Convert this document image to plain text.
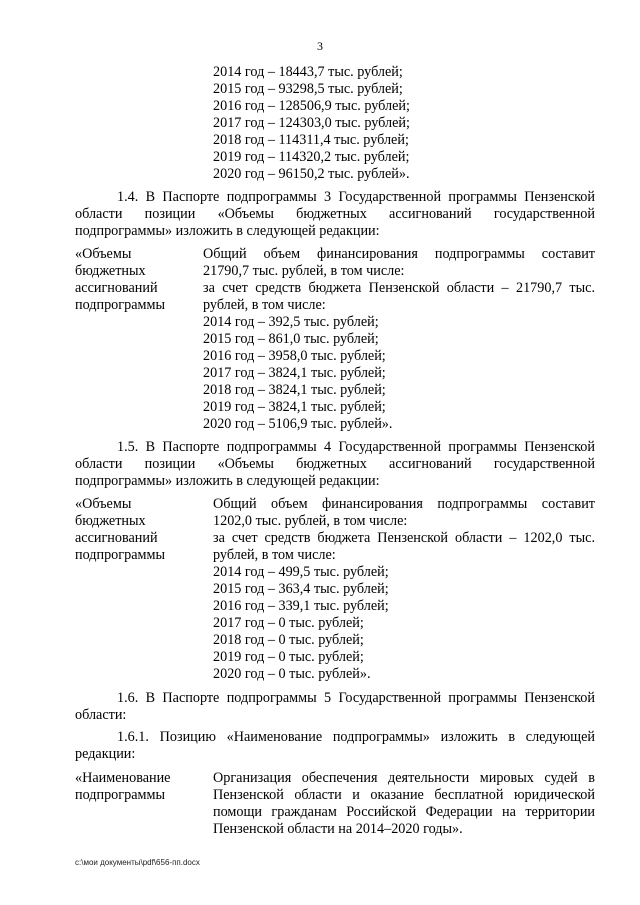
3
2014 год – 18443,7 тыс. рублей;
2015 год – 93298,5 тыс. рублей;
2016 год – 128506,9 тыс. рублей;
2017 год – 124303,0 тыс. рублей;
2018 год – 114311,4 тыс. рублей;
2019 год – 114320,2 тыс. рублей;
2020 год – 96150,2 тыс. рублей».
1.4. В Паспорте подпрограммы 3 Государственной программы Пензенской
области позиции «Объемы бюджетных ассигнований государственной
подпрограммы» изложить в следующей редакции:
«Объемы
бюджетных
ассигнований
подпрограммы
Общий объем финансирования подпрограммы составит
21790,7 тыс. рублей, в том числе:
за счет средств бюджета Пензенской области – 21790,7 тыс.
рублей, в том числе:
2014 год – 392,5 тыс. рублей;
2015 год – 861,0 тыс. рублей;
2016 год – 3958,0 тыс. рублей;
2017 год – 3824,1 тыс. рублей;
2018 год – 3824,1 тыс. рублей;
2019 год – 3824,1 тыс. рублей;
2020 год – 5106,9 тыс. рублей».
1.5. В Паспорте подпрограммы 4 Государственной программы Пензенской
области позиции «Объемы бюджетных ассигнований государственной
подпрограммы» изложить в следующей редакции:
«Объемы
бюджетных
ассигнований
подпрограммы
Общий объем финансирования подпрограммы составит
1202,0 тыс. рублей, в том числе:
за счет средств бюджета Пензенской области – 1202,0 тыс.
рублей, в том числе:
2014 год – 499,5 тыс. рублей;
2015 год – 363,4 тыс. рублей;
2016 год – 339,1 тыс. рублей;
2017 год – 0 тыс. рублей;
2018 год – 0 тыс. рублей;
2019 год – 0 тыс. рублей;
2020 год – 0 тыс. рублей».
1.6. В Паспорте подпрограммы 5 Государственной программы Пензенской
области:
1.6.1. Позицию «Наименование подпрограммы» изложить в следующей
редакции:
«Наименование
подпрограммы
Организация обеспечения деятельности мировых судей в
Пензенской области и оказание бесплатной юридической
помощи гражданам Российской Федерации на территории
Пензенской области на 2014–2020 годы».
c:\мои документы\pdf\656-пп.docx
